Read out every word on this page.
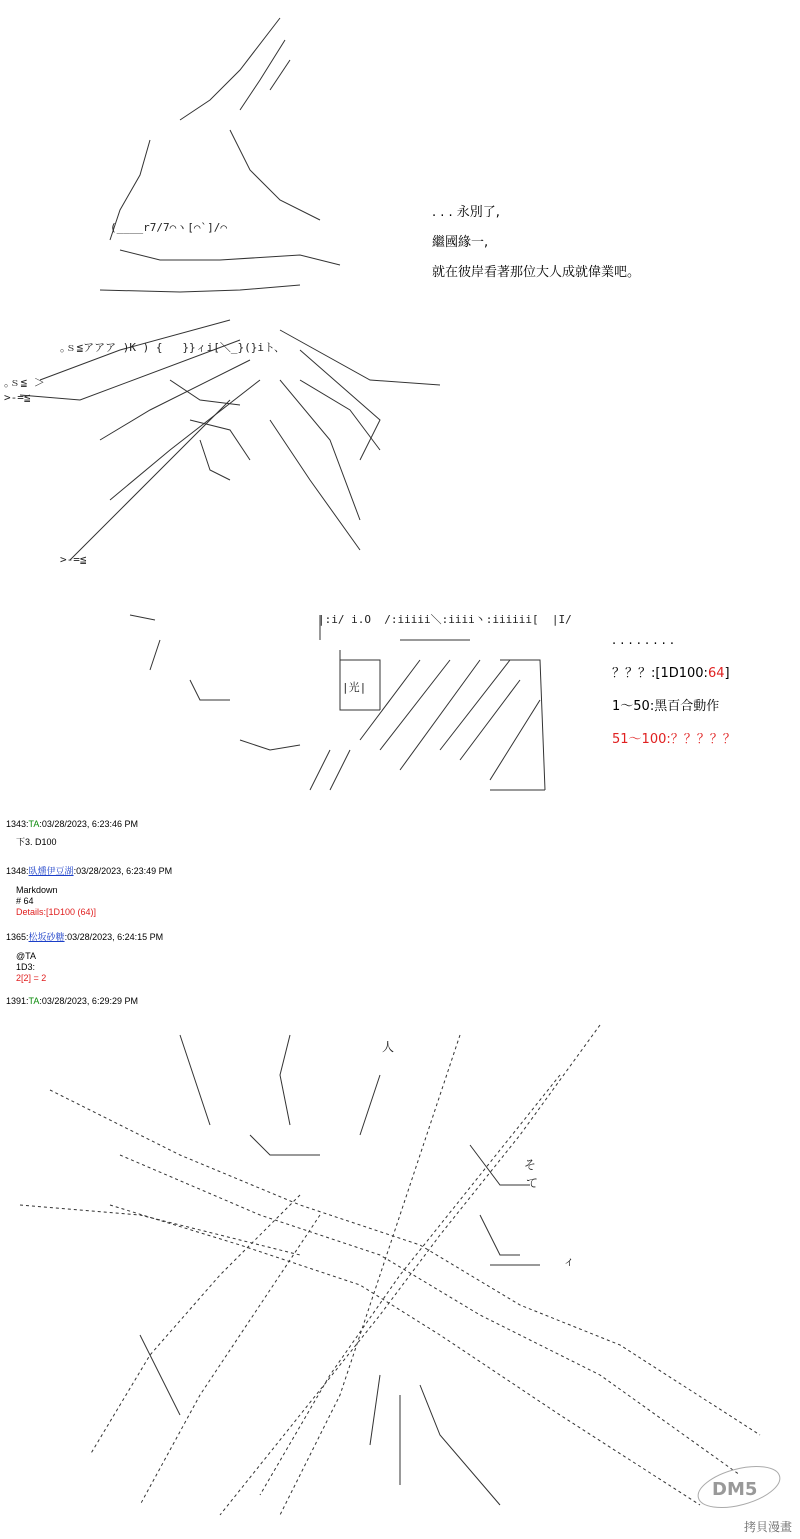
(____r7/7⌒ヽ[⌒`]/⌒
｡ｓ≦アアア )K ) {   }}ィi[＼_}(}iト、
｡ｓ≦ ＞
>-=≦
>-=≦
. . . 永別了,
繼國緣一,
就在彼岸看著那位大人成就偉業吧。
|:i/ i.O  /:iiiii＼:iiii丶:iiiiii[  |I/
|光|
. . . . . . . .
？？？:[1D100:64]
1～50:黑百合動作
51～100:？？？？？
1343:TA:03/28/2023, 6:23:46 PM
下3. D100
1348:臥燻伊豆湖:03/28/2023, 6:23:49 PM
Markdown
# 64
Details:[1D100 (64)]
1365:松坂砂糖:03/28/2023, 6:24:15 PM
@TA
1D3:
2[2] = 2
1391:TA:03/28/2023, 6:29:29 PM
人
そ
て
ィ
DM5
拷貝漫畫
